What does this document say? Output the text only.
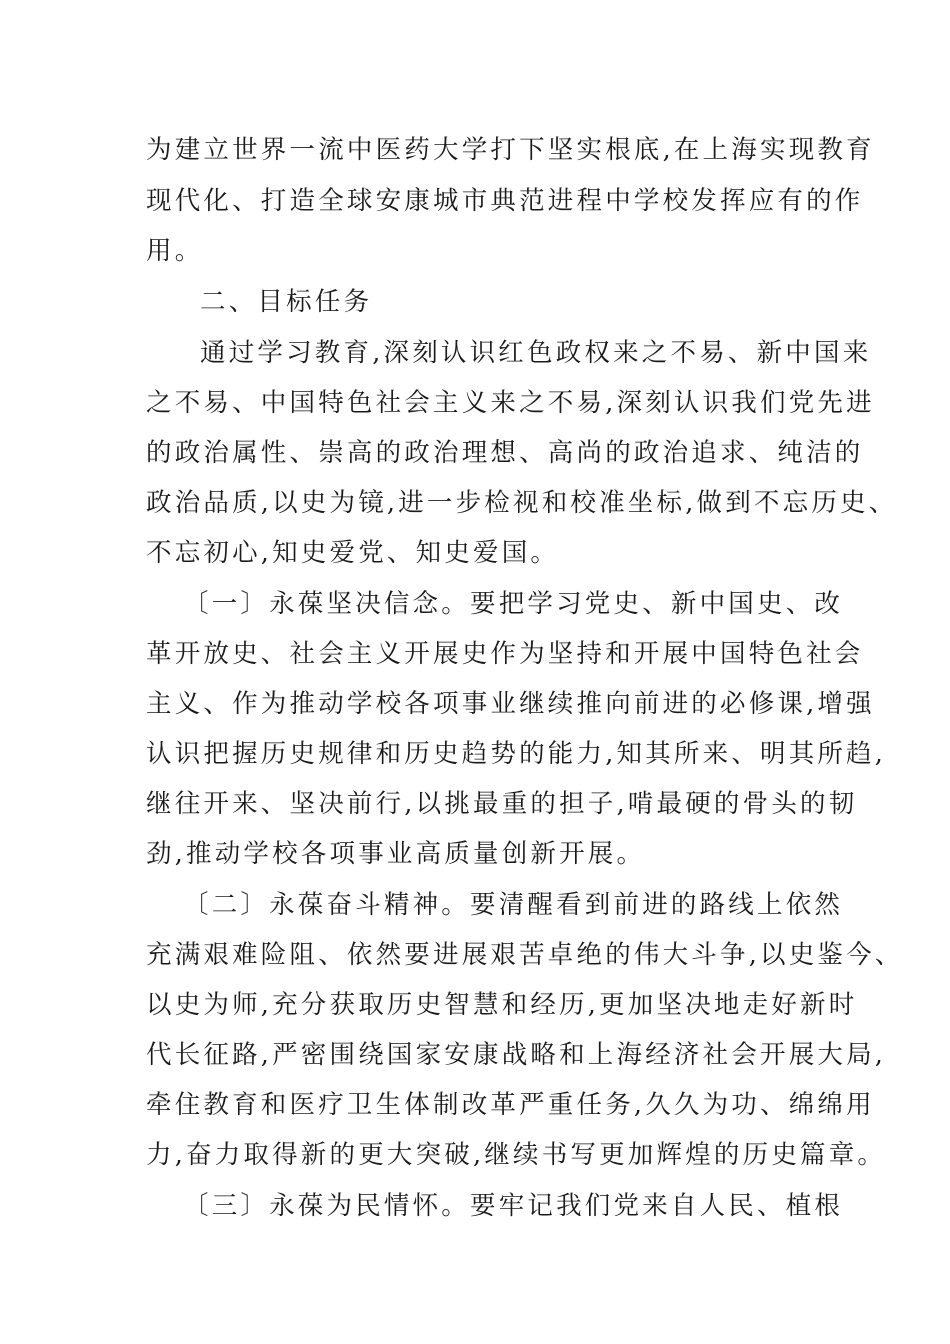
为建立世界一流中医药大学打下坚实根底,在上海实现教育
现代化、打造全球安康城市典范进程中学校发挥应有的作
用。
二、目标任务
通过学习教育,深刻认识红色政权来之不易、新中国来
之不易、中国特色社会主义来之不易,深刻认识我们党先进
的政治属性、崇高的政治理想、高尚的政治追求、纯洁的
政治品质,以史为镜,进一步检视和校准坐标,做到不忘历史、
不忘初心,知史爱党、知史爱国。
〔一〕永葆坚决信念。要把学习党史、新中国史、改
革开放史、社会主义开展史作为坚持和开展中国特色社会
主义、作为推动学校各项事业继续推向前进的必修课,增强
认识把握历史规律和历史趋势的能力,知其所来、明其所趋,
继往开来、坚决前行,以挑最重的担子,啃最硬的骨头的韧
劲,推动学校各项事业高质量创新开展。
〔二〕永葆奋斗精神。要清醒看到前进的路线上依然
充满艰难险阻、依然要进展艰苦卓绝的伟大斗争,以史鉴今、
以史为师,充分获取历史智慧和经历,更加坚决地走好新时
代长征路,严密围绕国家安康战略和上海经济社会开展大局,
牵住教育和医疗卫生体制改革严重任务,久久为功、绵绵用
力,奋力取得新的更大突破,继续书写更加辉煌的历史篇章。
〔三〕永葆为民情怀。要牢记我们党来自人民、植根
